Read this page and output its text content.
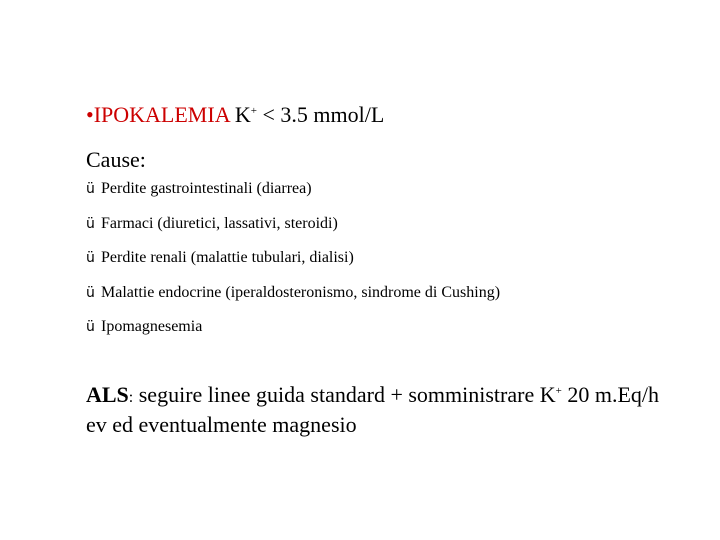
•IPOKALEMIA K+ < 3.5 mmol/L
Cause:
ü Perdite gastrointestinali (diarrea)
ü Farmaci (diuretici, lassativi, steroidi)
ü Perdite renali (malattie tubulari, dialisi)
ü Malattie endocrine (iperaldosteronismo, sindrome di Cushing)
ü Ipomagnesemia
ALS: seguire linee guida standard + somministrare K+ 20 m.Eq/h ev ed eventualmente magnesio
